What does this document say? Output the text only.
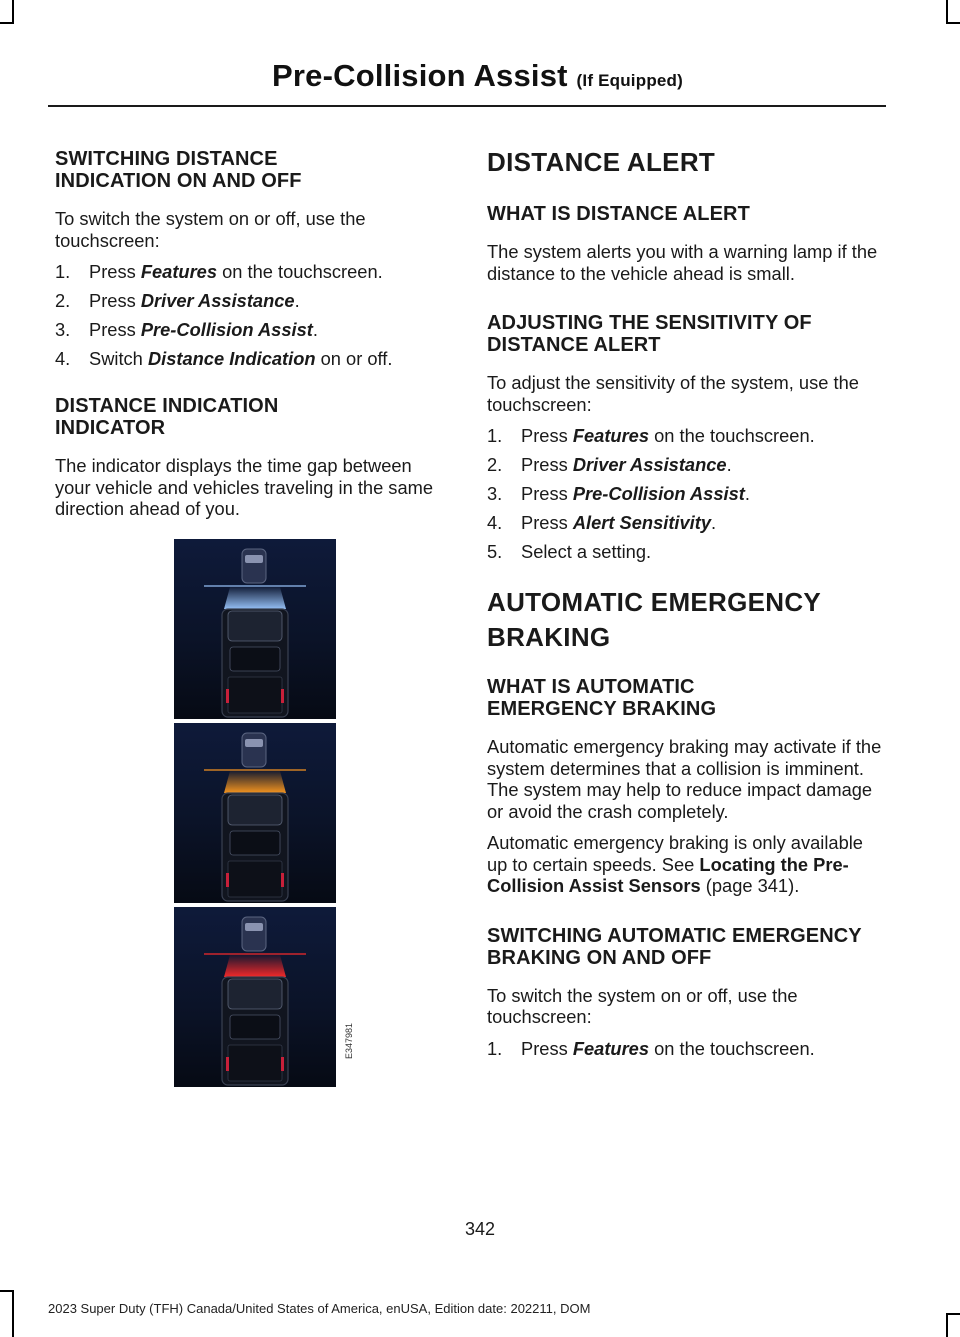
Pre-Collision Assist (If Equipped)
SWITCHING DISTANCE INDICATION ON AND OFF

To switch the system on or off, use the touchscreen:

1.	Press Features on the touchscreen.
2.	Press Driver Assistance.
3.	Press Pre-Collision Assist.
4.	Switch Distance Indication on or off.
DISTANCE INDICATION INDICATOR

The indicator displays the time gap between your vehicle and vehicles traveling in the same direction ahead of you.

E347981
DISTANCE ALERT
WHAT IS DISTANCE ALERT

The system alerts you with a warning lamp if the distance to the vehicle ahead is small.

ADJUSTING THE SENSITIVITY OF DISTANCE ALERT

To adjust the sensitivity of the system, use the touchscreen:

1.	Press Features on the touchscreen.
2.	Press Driver Assistance.
3.	Press Pre-Collision Assist.
4.	Press Alert Sensitivity.
5.	Select a setting.
AUTOMATIC EMERGENCY
BRAKING
WHAT IS AUTOMATIC EMERGENCY BRAKING

Automatic emergency braking may activate if the system determines that a collision is imminent. The system may help to reduce impact damage or avoid the crash completely.

Automatic emergency braking is only available up to certain speeds. See Locating the Pre-Collision Assist Sensors (page 341).

SWITCHING AUTOMATIC EMERGENCY BRAKING ON AND OFF

To switch the system on or off, use the touchscreen:

1.	Press Features on the touchscreen.
342
2023 Super Duty (TFH) Canada/United States of America, enUSA, Edition date: 202211, DOM
